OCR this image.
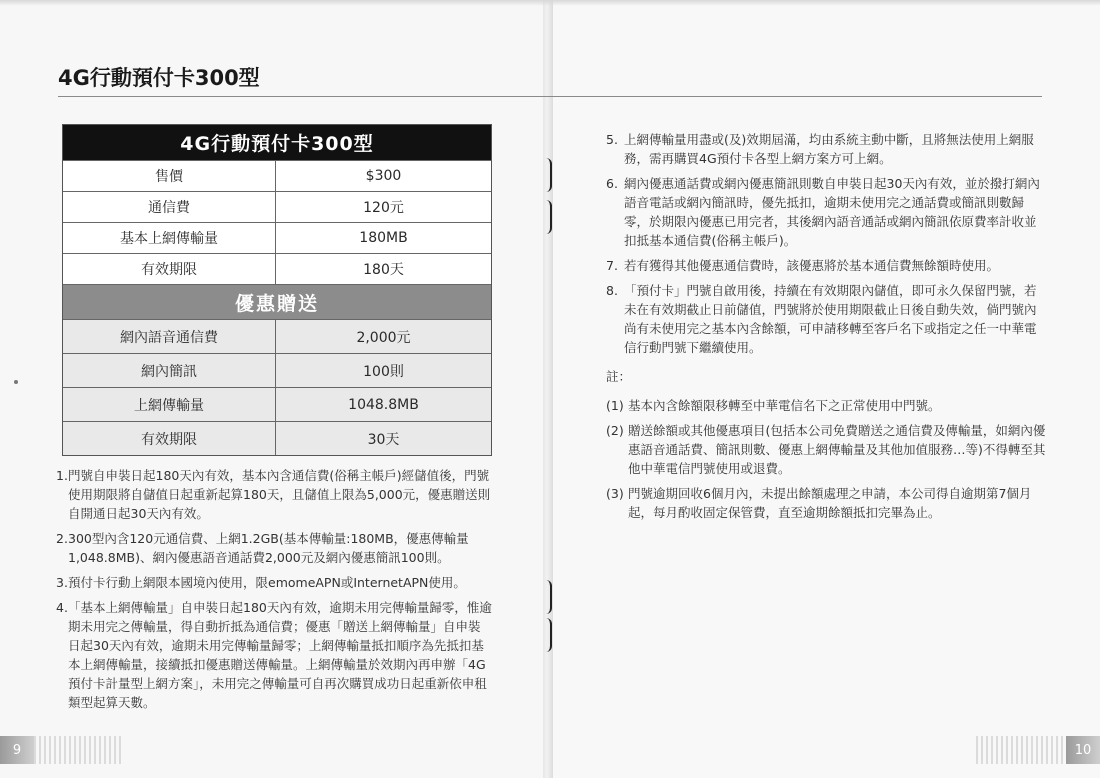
4G行動預付卡300型
4G行動預付卡300型
售價	$300
通信費	120元
基本上網傳輸量	180MB
有效期限	180天
優惠贈送
網內語音通信費	2,000元
網內簡訊	100則
上網傳輸量	1048.8MB
有效期限	30天
1. 門號自申裝日起180天內有效，基本內含通信費(俗稱主帳戶)經儲值後，門號使用期限將自儲值日起重新起算180天，且儲值上限為5,000元，優惠贈送則自開通日起30天內有效。
2. 300型內含120元通信費、上網1.2GB(基本傳輸量:180MB，優惠傳輸量1,048.8MB)、網內優惠語音通話費2,000元及網內優惠簡訊100則。
3. 預付卡行動上網限本國境內使用，限emomeAPN或InternetAPN使用。
4. 「基本上網傳輸量」自申裝日起180天內有效，逾期未用完傳輸量歸零，惟逾期未用完之傳輸量，得自動折抵為通信費；優惠「贈送上網傳輸量」自申裝日起30天內有效，逾期未用完傳輸量歸零；上網傳輸量抵扣順序為先抵扣基本上網傳輸量，接續抵扣優惠贈送傳輸量。上網傳輸量於效期內再申辦「4G預付卡計量型上網方案」，未用完之傳輸量可自再次購買成功日起重新依申租類型起算天數。
5. 上網傳輸量用盡或(及)效期屆滿，均由系統主動中斷，且將無法使用上網服務，需再購買4G預付卡各型上網方案方可上網。
6. 網內優惠通話費或網內優惠簡訊則數自申裝日起30天內有效，並於撥打網內語音電話或網內簡訊時，優先抵扣，逾期未使用完之通話費或簡訊則數歸零，於期限內優惠已用完者，其後網內語音通話或網內簡訊依原費率計收並扣抵基本通信費(俗稱主帳戶)。
7. 若有獲得其他優惠通信費時，該優惠將於基本通信費無餘額時使用。
8. 「預付卡」門號自啟用後，持續在有效期限內儲值，即可永久保留門號，若未在有效期截止日前儲值，門號將於使用期限截止日後自動失效，倘門號內尚有未使用完之基本內含餘額，可申請移轉至客戶名下或指定之任一中華電信行動門號下繼續使用。
註：
(1) 基本內含餘額限移轉至中華電信名下之正常使用中門號。
(2) 贈送餘額或其他優惠項目(包括本公司免費贈送之通信費及傳輸量，如網內優惠語音通話費、簡訊則數、優惠上網傳輸量及其他加值服務…等)不得轉至其他中華電信門號使用或退費。
(3) 門號逾期回收6個月內，未提出餘額處理之申請，本公司得自逾期第7個月起，每月酌收固定保管費，直至逾期餘額抵扣完畢為止。
9	10
